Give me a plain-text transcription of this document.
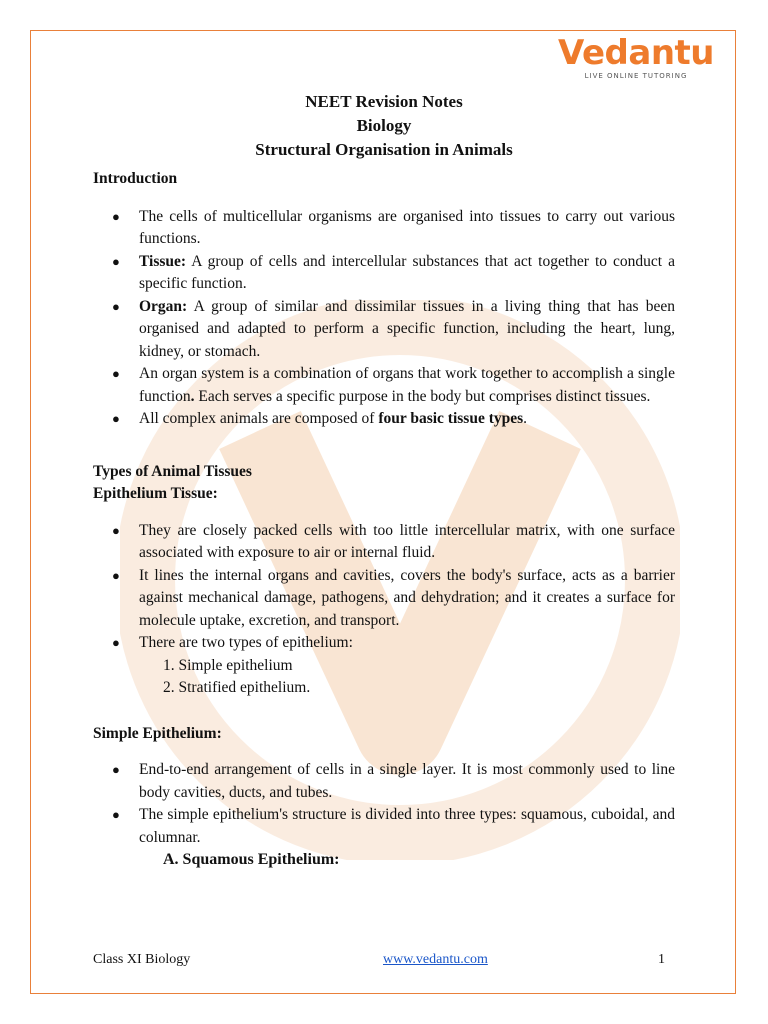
Vedantu
LIVE ONLINE TUTORING
NEET Revision Notes
Biology
Structural Organisation in Animals
Introduction
● The cells of multicellular organisms are organised into tissues to carry out various functions.
● Tissue: A group of cells and intercellular substances that act together to conduct a specific function.
● Organ: A group of similar and dissimilar tissues in a living thing that has been organised and adapted to perform a specific function, including the heart, lung, kidney, or stomach.
● An organ system is a combination of organs that work together to accomplish a single function. Each serves a specific purpose in the body but comprises distinct tissues.
● All complex animals are composed of four basic tissue types.
Types of Animal Tissues
Epithelium Tissue:
● They are closely packed cells with too little intercellular matrix, with one surface associated with exposure to air or internal fluid.
● It lines the internal organs and cavities, covers the body's surface, acts as a barrier against mechanical damage, pathogens, and dehydration; and it creates a surface for molecule uptake, excretion, and transport.
● There are two types of epithelium:
1. Simple epithelium
2. Stratified epithelium.
Simple Epithelium:
● End-to-end arrangement of cells in a single layer. It is most commonly used to line body cavities, ducts, and tubes.
● The simple epithelium's structure is divided into three types: squamous, cuboidal, and columnar.
A. Squamous Epithelium:
Class XI Biology	www.vedantu.com	1
